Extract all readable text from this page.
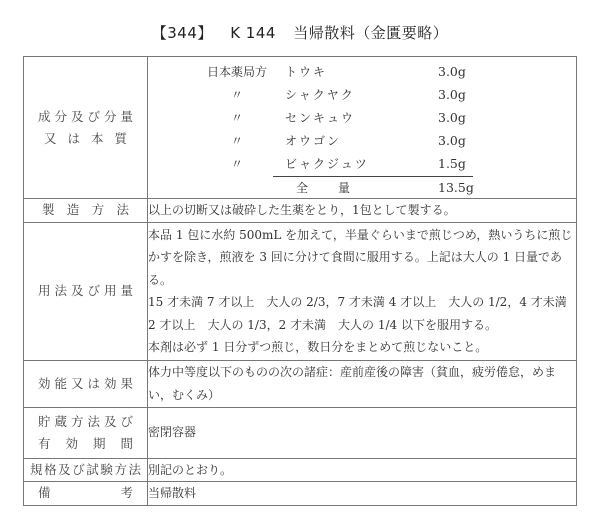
【344】 K 144 当帰散料（金匱要略）
成分及び分量
又は本質

日本薬局方	トウキ	3.0g
〃	シャクヤク	3.0g
〃	センキュウ	3.0g
〃	オウゴン	3.0g
〃	ビャクジュツ	1.5g
全量	13.5g

製造方法	以上の切断又は破砕した生薬をとり，1包として製する。

用法及び用量	本品 1 包に水約 500mL を加えて，半量ぐらいまで煎じつめ，熱いうちに煎じかすを除き，煎液を 3 回に分けて食間に服用する。上記は大人の 1 日量である。
15 才未満 7 才以上　大人の 2/3，7 才未満 4 才以上　大人の 1/2，4 才未満 2 才以上　大人の 1/3，2 才未満　大人の 1/4 以下を服用する。
本剤は必ず 1 日分ずつ煎じ，数日分をまとめて煎じないこと。

効能又は効果	体力中等度以下のものの次の諸症：産前産後の障害（貧血，疲労倦怠，めまい，むくみ）

貯蔵方法及び
有効期間	密閉容器

規格及び試験方法	別記のとおり。

備考	当帰散料
